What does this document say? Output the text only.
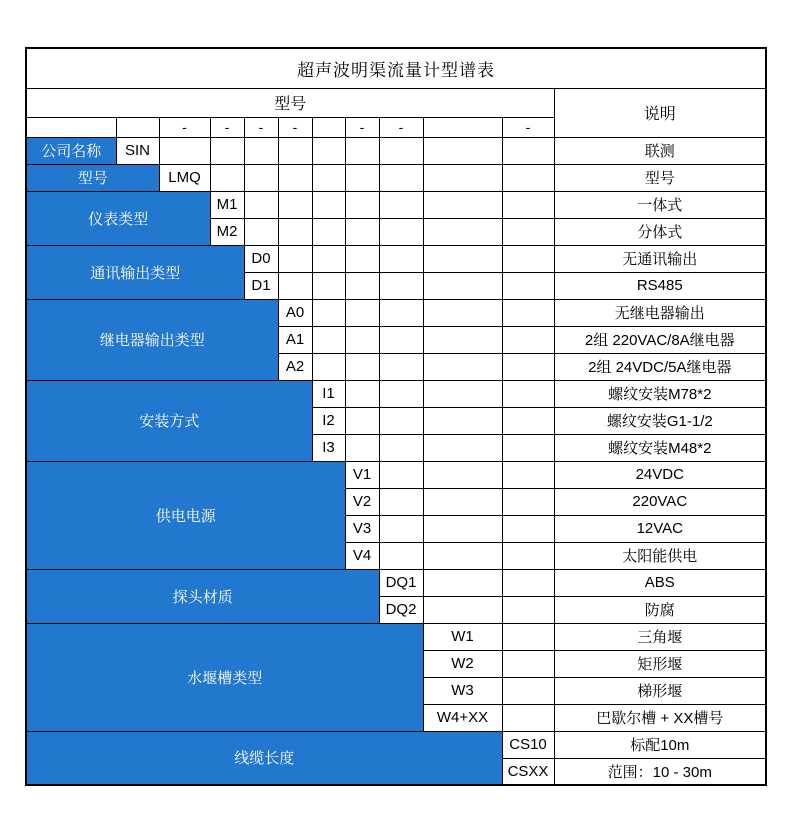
超声波明渠流量计型谱表											
型号											说明
		-	-	-	-		-	-		-	
公司名称	SIN										联测
型号		LMQ									型号
仪表类型			M1								一体式
			M2								分体式
通讯输出类型				D0							无通讯输出
				D1							RS485
继电器输出类型					A0						无继电器输出
					A1						2组 220VAC/8A继电器
					A2						2组 24VDC/5A继电器
安装方式						I1					螺纹安装M78*2
						I2					螺纹安装G1-1/2
						I3					螺纹安装M48*2
供电电源							V1				24VDC
							V2				220VAC
							V3				12VAC
							V4				太阳能供电
探头材质								DQ1			ABS
								DQ2			防腐
水堰槽类型									W1		三角堰
									W2		矩形堰
									W3		梯形堰
									W4+XX		巴歇尔槽 + XX槽号
线缆长度										CS10	标配10m
										CSXX	范围：10 - 30m
